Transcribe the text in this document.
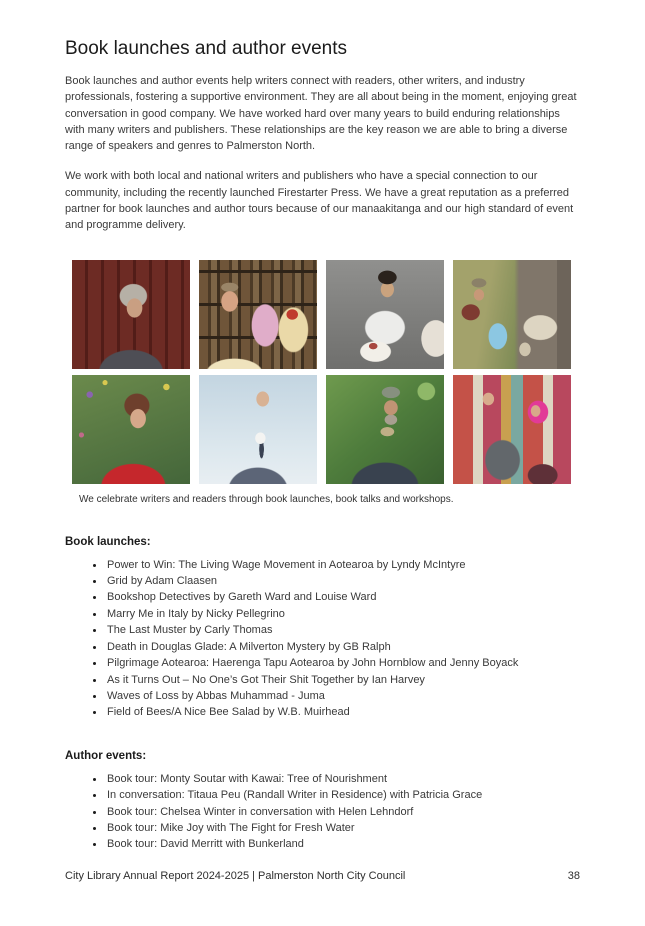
Book launches and author events

Book launches and author events help writers connect with readers, other writers, and industry professionals, fostering a supportive environment. They are all about being in the moment, enjoying great conversation in good company. We have worked hard over many years to build enduring relationships with many writers and publishers. These relationships are the key reason we are able to bring a diverse range of speakers and genres to Palmerston North.

We work with both local and national writers and publishers who have a special connection to our community, including the recently launched Firestarter Press. We have a great reputation as a preferred partner for book launches and author tours because of our manaakitanga and our high standard of event and programme delivery.

We celebrate writers and readers through book launches, book talks and workshops.

Book launches:
• Power to Win: The Living Wage Movement in Aotearoa by Lyndy McIntyre
• Grid by Adam Claasen
• Bookshop Detectives by Gareth Ward and Louise Ward
• Marry Me in Italy by Nicky Pellegrino
• The Last Muster by Carly Thomas
• Death in Douglas Glade: A Milverton Mystery by GB Ralph
• Pilgrimage Aotearoa: Haerenga Tapu Aotearoa by John Hornblow and Jenny Boyack
• As it Turns Out – No One’s Got Their Shit Together by Ian Harvey
• Waves of Loss by Abbas Muhammad - Juma
• Field of Bees/A Nice Bee Salad by W.B. Muirhead
Author events:
• Book tour: Monty Soutar with Kawai: Tree of Nourishment
• In conversation: Titaua Peu (Randall Writer in Residence) with Patricia Grace
• Book tour: Chelsea Winter in conversation with Helen Lehndorf
• Book tour: Mike Joy with The Fight for Fresh Water
• Book tour: David Merritt with Bunkerland
City Library Annual Report 2024-2025 | Palmerston North City Council	38
